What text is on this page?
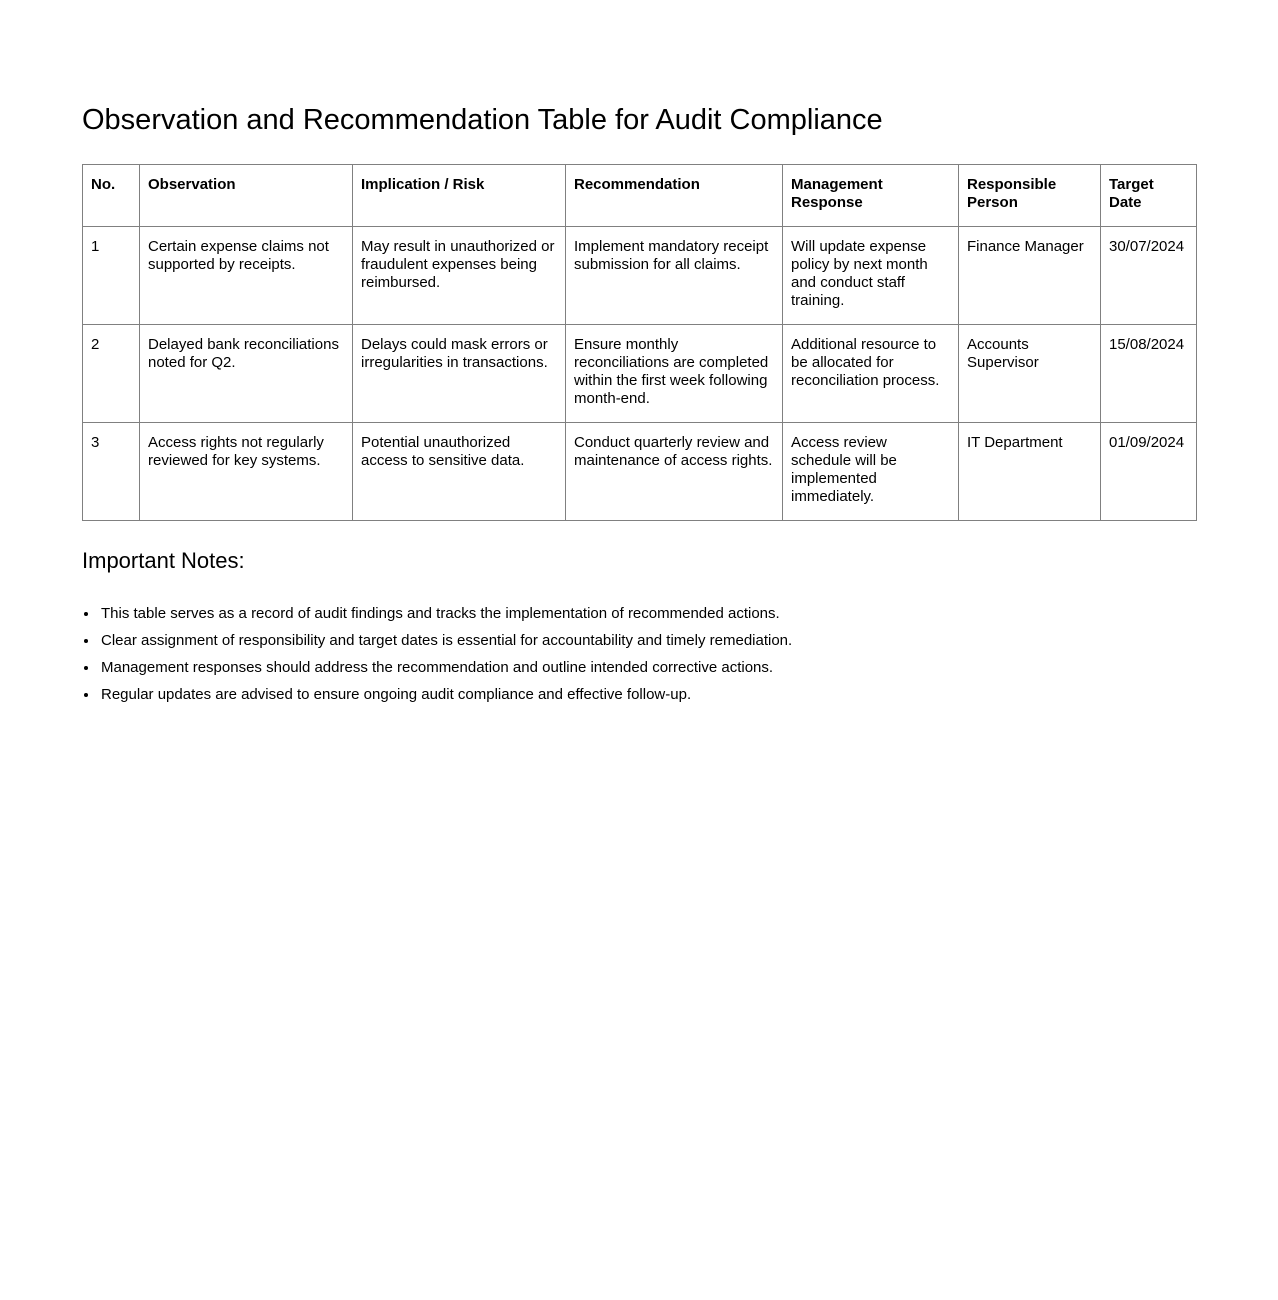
Observation and Recommendation Table for Audit Compliance
No.	Observation	Implication / Risk	Recommendation	Management Response	Responsible Person	Target Date
1	Certain expense claims not supported by receipts.	May result in unauthorized or fraudulent expenses being reimbursed.	Implement mandatory receipt submission for all claims.	Will update expense policy by next month and conduct staff training.	Finance Manager	30/07/2024
2	Delayed bank reconciliations noted for Q2.	Delays could mask errors or irregularities in transactions.	Ensure monthly reconciliations are completed within the first week following month-end.	Additional resource to be allocated for reconciliation process.	Accounts Supervisor	15/08/2024
3	Access rights not regularly reviewed for key systems.	Potential unauthorized access to sensitive data.	Conduct quarterly review and maintenance of access rights.	Access review schedule will be implemented immediately.	IT Department	01/09/2024
Important Notes:
• This table serves as a record of audit findings and tracks the implementation of recommended actions.
• Clear assignment of responsibility and target dates is essential for accountability and timely remediation.
• Management responses should address the recommendation and outline intended corrective actions.
• Regular updates are advised to ensure ongoing audit compliance and effective follow-up.
